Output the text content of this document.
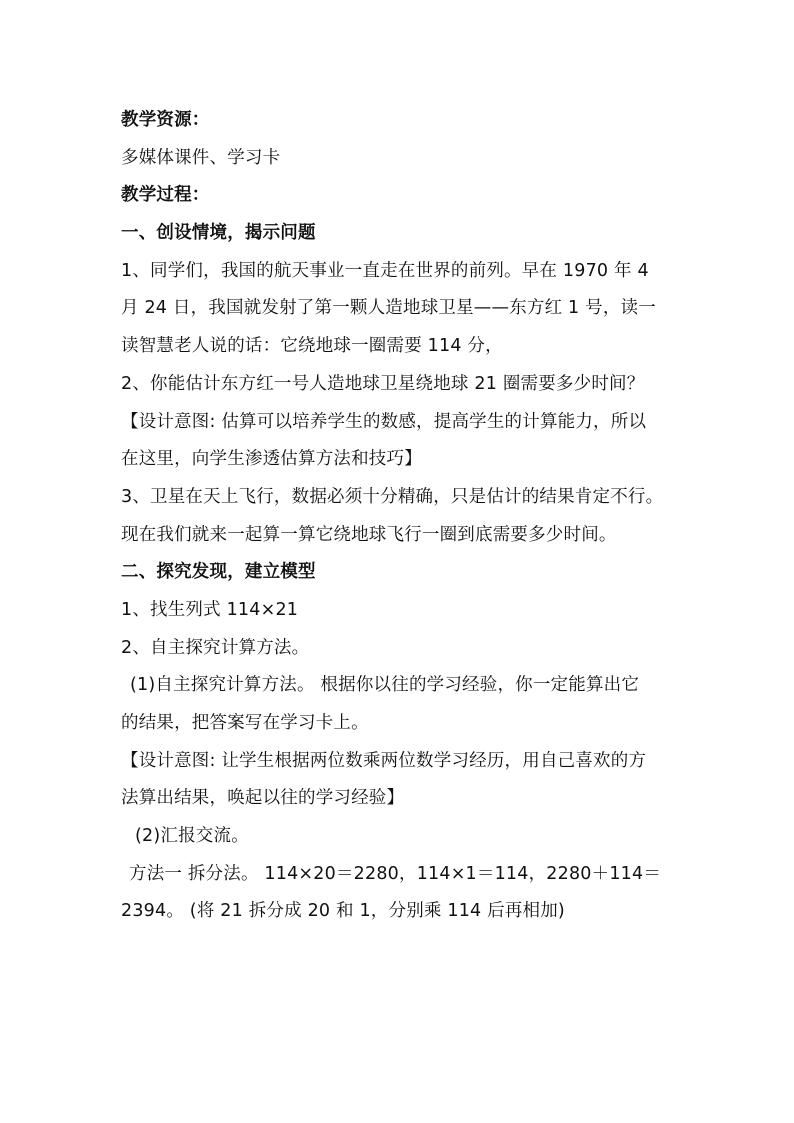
教学资源：

多媒体课件、学习卡

教学过程：

一、创设情境，揭示问题

1、同学们，我国的航天事业一直走在世界的前列。早在 1970 年 4

月 24 日，我国就发射了第一颗人造地球卫星——东方红 1 号，读一

读智慧老人说的话：它绕地球一圈需要 114 分，

2、你能估计东方红一号人造地球卫星绕地球 21 圈需要多少时间？

【设计意图: 估算可以培养学生的数感，提高学生的计算能力，所以

在这里，向学生渗透估算方法和技巧】

3、卫星在天上飞行，数据必须十分精确，只是估计的结果肯定不行。

现在我们就来一起算一算它绕地球飞行一圈到底需要多少时间。

二、探究发现，建立模型

1、找生列式 114×21

2、自主探究计算方法。

(1)自主探究计算方法。 根据你以往的学习经验，你一定能算出它

的结果，把答案写在学习卡上。

【设计意图: 让学生根据两位数乘两位数学习经历，用自己喜欢的方

法算出结果，唤起以往的学习经验】

(2)汇报交流。

方法一 拆分法。 114×20＝2280，114×1＝114，2280＋114＝

2394。 (将 21 拆分成 20 和 1，分别乘 114 后再相加)
